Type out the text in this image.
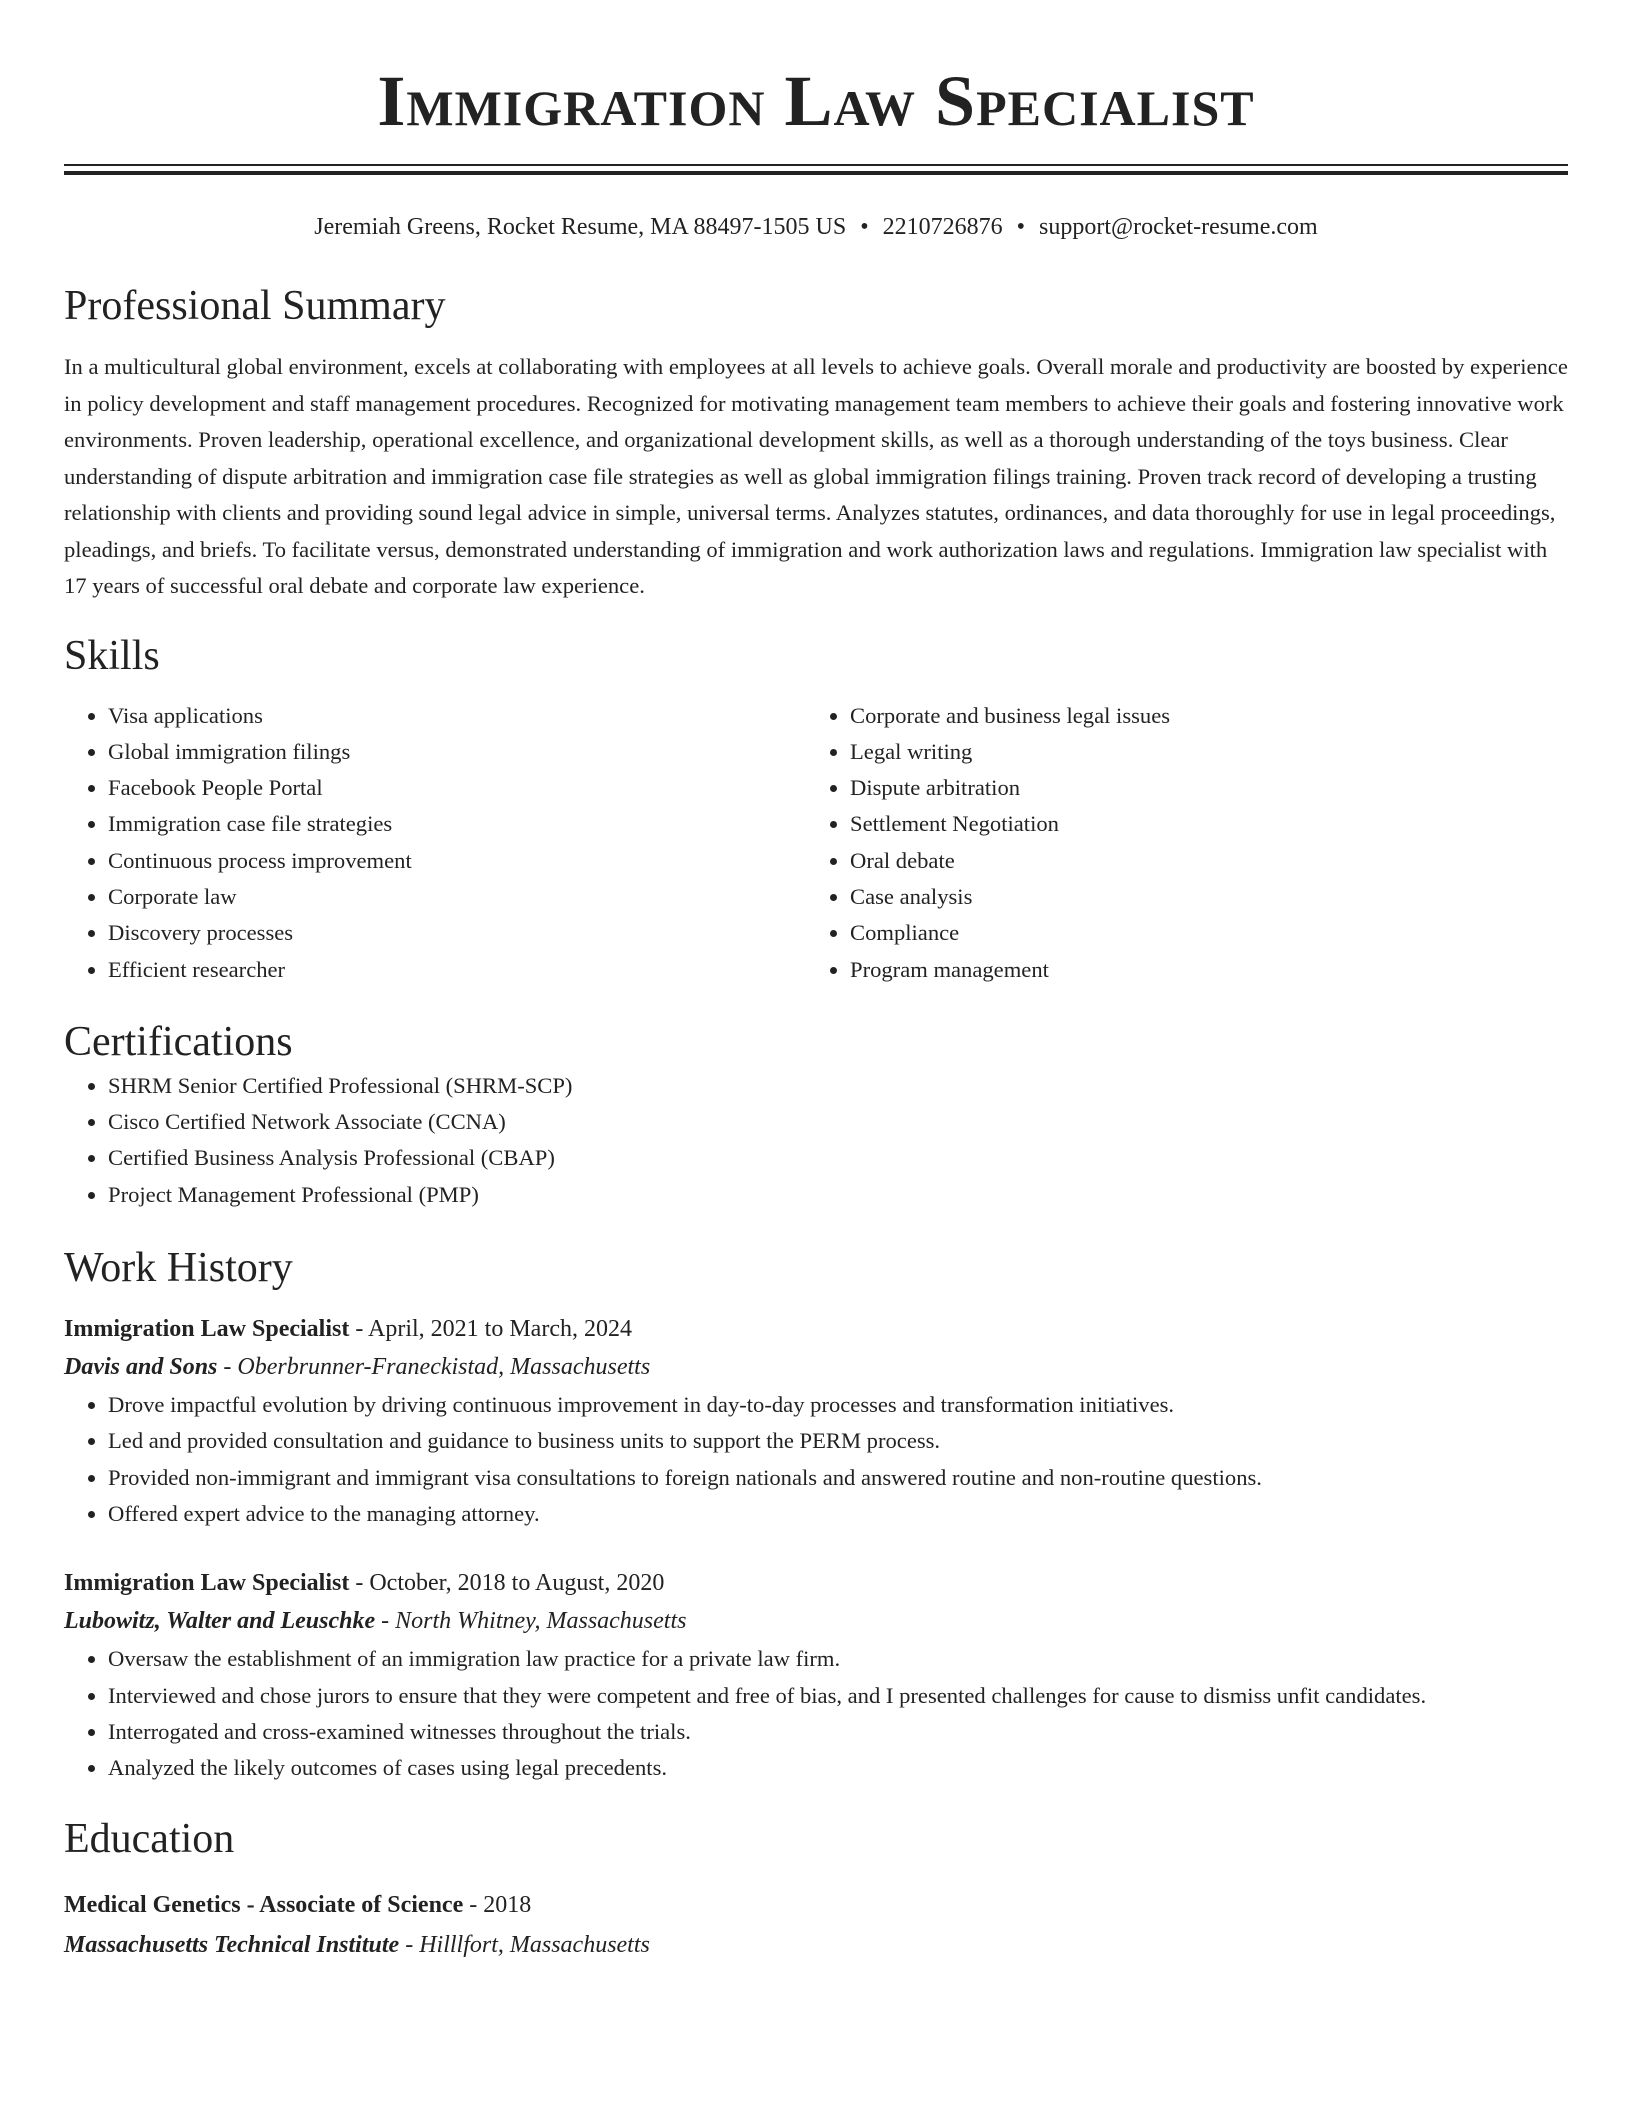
Immigration Law Specialist
Jeremiah Greens, Rocket Resume, MA 88497-1505 US • 2210726876 • support@rocket-resume.com
Professional Summary

In a multicultural global environment, excels at collaborating with employees at all levels to achieve goals. Overall morale and productivity are boosted by experience in policy development and staff management procedures. Recognized for motivating management team members to achieve their goals and fostering innovative work environments. Proven leadership, operational excellence, and organizational development skills, as well as a thorough understanding of the toys business. Clear understanding of dispute arbitration and immigration case file strategies as well as global immigration filings training. Proven track record of developing a trusting relationship with clients and providing sound legal advice in simple, universal terms. Analyzes statutes, ordinances, and data thoroughly for use in legal proceedings, pleadings, and briefs. To facilitate versus, demonstrated understanding of immigration and work authorization laws and regulations. Immigration law specialist with 17 years of successful oral debate and corporate law experience.

Skills
• Visa applications
• Global immigration filings
• Facebook People Portal
• Immigration case file strategies
• Continuous process improvement
• Corporate law
• Discovery processes
• Efficient researcher
• Corporate and business legal issues
• Legal writing
• Dispute arbitration
• Settlement Negotiation
• Oral debate
• Case analysis
• Compliance
• Program management
Certifications
• SHRM Senior Certified Professional (SHRM-SCP)
• Cisco Certified Network Associate (CCNA)
• Certified Business Analysis Professional (CBAP)
• Project Management Professional (PMP)
Work History
Immigration Law Specialist - April, 2021 to March, 2024
Davis and Sons - Oberbrunner-Franeckistad, Massachusetts
• Drove impactful evolution by driving continuous improvement in day-to-day processes and transformation initiatives.
• Led and provided consultation and guidance to business units to support the PERM process.
• Provided non-immigrant and immigrant visa consultations to foreign nationals and answered routine and non-routine questions.
• Offered expert advice to the managing attorney.
Immigration Law Specialist - October, 2018 to August, 2020
Lubowitz, Walter and Leuschke - North Whitney, Massachusetts
• Oversaw the establishment of an immigration law practice for a private law firm.
• Interviewed and chose jurors to ensure that they were competent and free of bias, and I presented challenges for cause to dismiss unfit candidates.
• Interrogated and cross-examined witnesses throughout the trials.
• Analyzed the likely outcomes of cases using legal precedents.
Education
Medical Genetics - Associate of Science - 2018
Massachusetts Technical Institute - Hilllfort, Massachusetts
